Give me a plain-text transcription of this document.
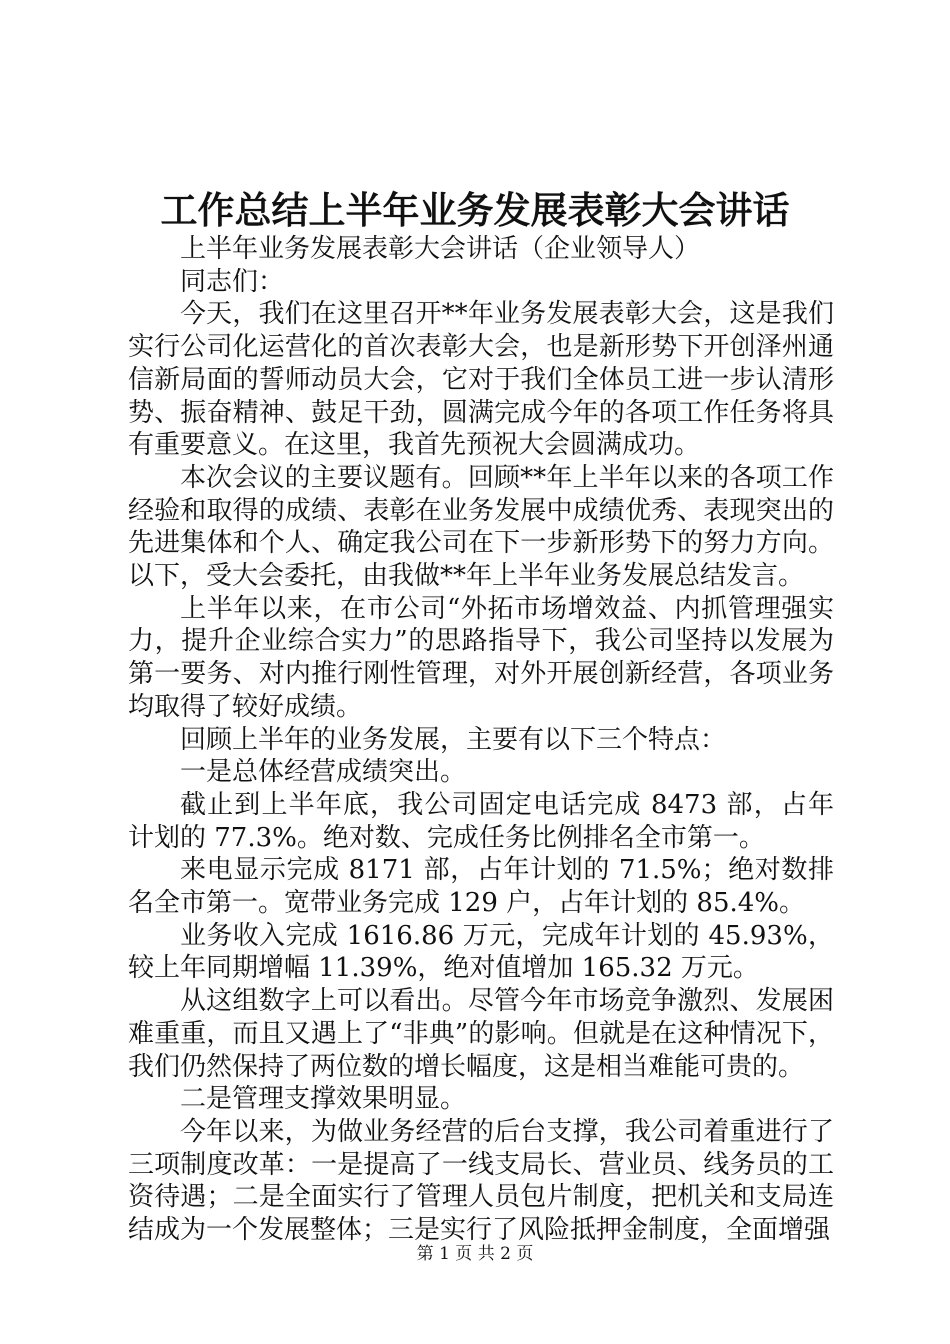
工作总结上半年业务发展表彰大会讲话

上半年业务发展表彰大会讲话（企业领导人）

同志们：

今天，我们在这里召开**年业务发展表彰大会，这是我们实行公司化运营化的首次表彰大会，也是新形势下开创泽州通信新局面的誓师动员大会，它对于我们全体员工进一步认清形势、振奋精神、鼓足干劲，圆满完成今年的各项工作任务将具有重要意义。在这里，我首先预祝大会圆满成功。

本次会议的主要议题有。回顾**年上半年以来的各项工作经验和取得的成绩、表彰在业务发展中成绩优秀、表现突出的先进集体和个人、确定我公司在下一步新形势下的努力方向。以下，受大会委托，由我做**年上半年业务发展总结发言。

上半年以来，在市公司“外拓市场增效益、内抓管理强实力，提升企业综合实力”的思路指导下，我公司坚持以发展为第一要务、对内推行刚性管理，对外开展创新经营，各项业务均取得了较好成绩。

回顾上半年的业务发展，主要有以下三个特点：

一是总体经营成绩突出。

截止到上半年底，我公司固定电话完成 8473 部，占年计划的 77.3%。绝对数、完成任务比例排名全市第一。

来电显示完成 8171 部，占年计划的 71.5%；绝对数排名全市第一。宽带业务完成 129 户，占年计划的 85.4%。

业务收入完成 1616.86 万元，完成年计划的 45.93%，较上年同期增幅 11.39%，绝对值增加 165.32 万元。

从这组数字上可以看出。尽管今年市场竞争激烈、发展困难重重，而且又遇上了“非典”的影响。但就是在这种情况下，我们仍然保持了两位数的增长幅度，这是相当难能可贵的。

二是管理支撑效果明显。

今年以来，为做业务经营的后台支撑，我公司着重进行了三项制度改革：一是提高了一线支局长、营业员、线务员的工资待遇；二是全面实行了管理人员包片制度，把机关和支局连结成为一个发展整体；三是实行了风险抵押金制度，全面增强

第 1 页 共 2 页
